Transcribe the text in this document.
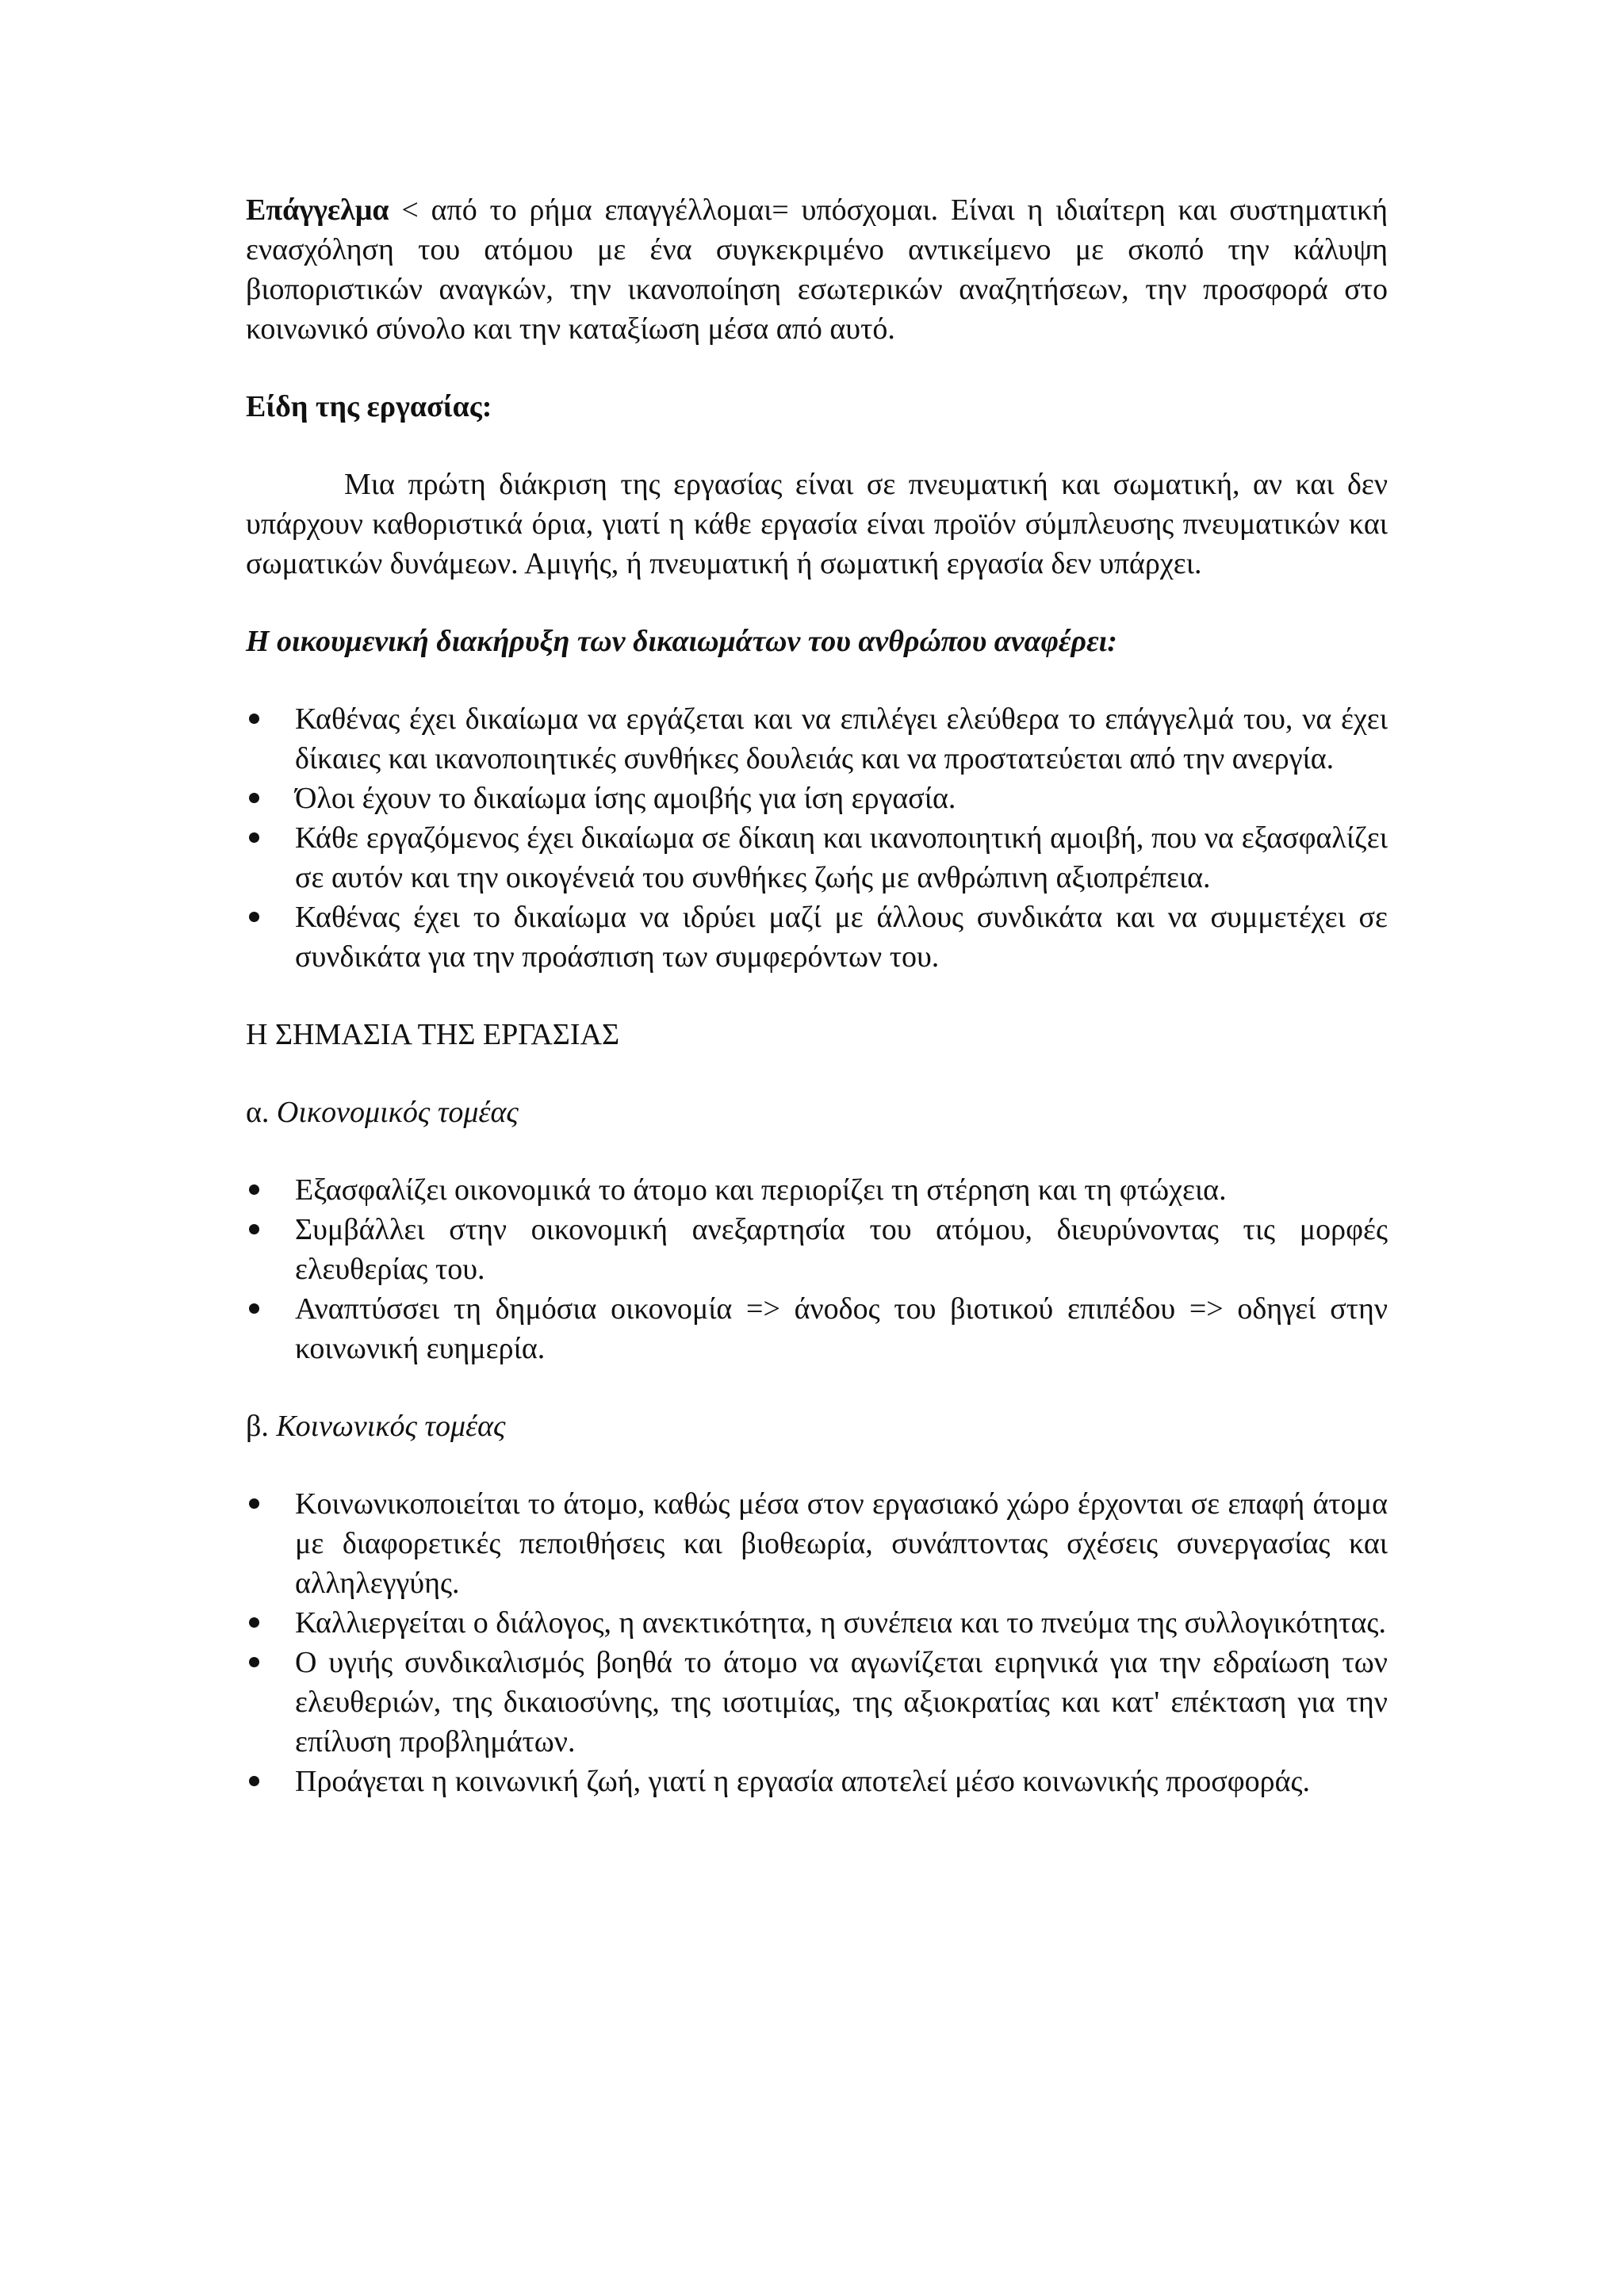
Επάγγελμα < από το ρήμα επαγγέλλομαι= υπόσχομαι. Είναι η ιδιαίτερη και συστηματική ενασχόληση του ατόμου με ένα συγκεκριμένο αντικείμενο με σκοπό την κάλυψη βιοποριστικών αναγκών, την ικανοποίηση εσωτερικών αναζητήσεων, την προσφορά στο κοινωνικό σύνολο και την καταξίωση μέσα από αυτό.

Είδη της εργασίας:

Μια πρώτη διάκριση της εργασίας είναι σε πνευματική και σωματική, αν και δεν υπάρχουν καθοριστικά όρια, γιατί η κάθε εργασία είναι προϊόν σύμπλευσης πνευματικών και σωματικών δυνάμεων. Αμιγής, ή πνευματική ή σωματική εργασία δεν υπάρχει.

Η οικουμενική διακήρυξη των δικαιωμάτων του ανθρώπου αναφέρει:

Καθένας έχει δικαίωμα να εργάζεται και να επιλέγει ελεύθερα το επάγγελμά του, να έχει δίκαιες και ικανοποιητικές συνθήκες δουλειάς και να προστατεύεται από την ανεργία.
Όλοι έχουν το δικαίωμα ίσης αμοιβής για ίση εργασία.
Κάθε εργαζόμενος έχει δικαίωμα σε δίκαιη και ικανοποιητική αμοιβή, που να εξασφαλίζει σε αυτόν και την οικογένειά του συνθήκες ζωής με ανθρώπινη αξιοπρέπεια.
Καθένας έχει το δικαίωμα να ιδρύει μαζί με άλλους συνδικάτα και να συμμετέχει σε συνδικάτα για την προάσπιση των συμφερόντων του.

Η ΣΗΜΑΣΙΑ ΤΗΣ ΕΡΓΑΣΙΑΣ

α. Οικονομικός τομέας

Εξασφαλίζει οικονομικά το άτομο και περιορίζει τη στέρηση και τη φτώχεια.
Συμβάλλει στην οικονομική ανεξαρτησία του ατόμου, διευρύνοντας τις μορφές ελευθερίας του.
Αναπτύσσει τη δημόσια οικονομία => άνοδος του βιοτικού επιπέδου => οδηγεί στην κοινωνική ευημερία.

β. Κοινωνικός τομέας

Κοινωνικοποιείται το άτομο, καθώς μέσα στον εργασιακό χώρο έρχονται σε επαφή άτομα με διαφορετικές πεποιθήσεις και βιοθεωρία, συνάπτοντας σχέσεις συνεργασίας και αλληλεγγύης.
Καλλιεργείται ο διάλογος, η ανεκτικότητα, η συνέπεια και το πνεύμα της συλλογικότητας.
Ο υγιής συνδικαλισμός βοηθά το άτομο να αγωνίζεται ειρηνικά για την εδραίωση των ελευθεριών, της δικαιοσύνης, της ισοτιμίας, της αξιοκρατίας και κατ' επέκταση για την επίλυση προβλημάτων.
Προάγεται η κοινωνική ζωή, γιατί η εργασία αποτελεί μέσο κοινωνικής προσφοράς.
